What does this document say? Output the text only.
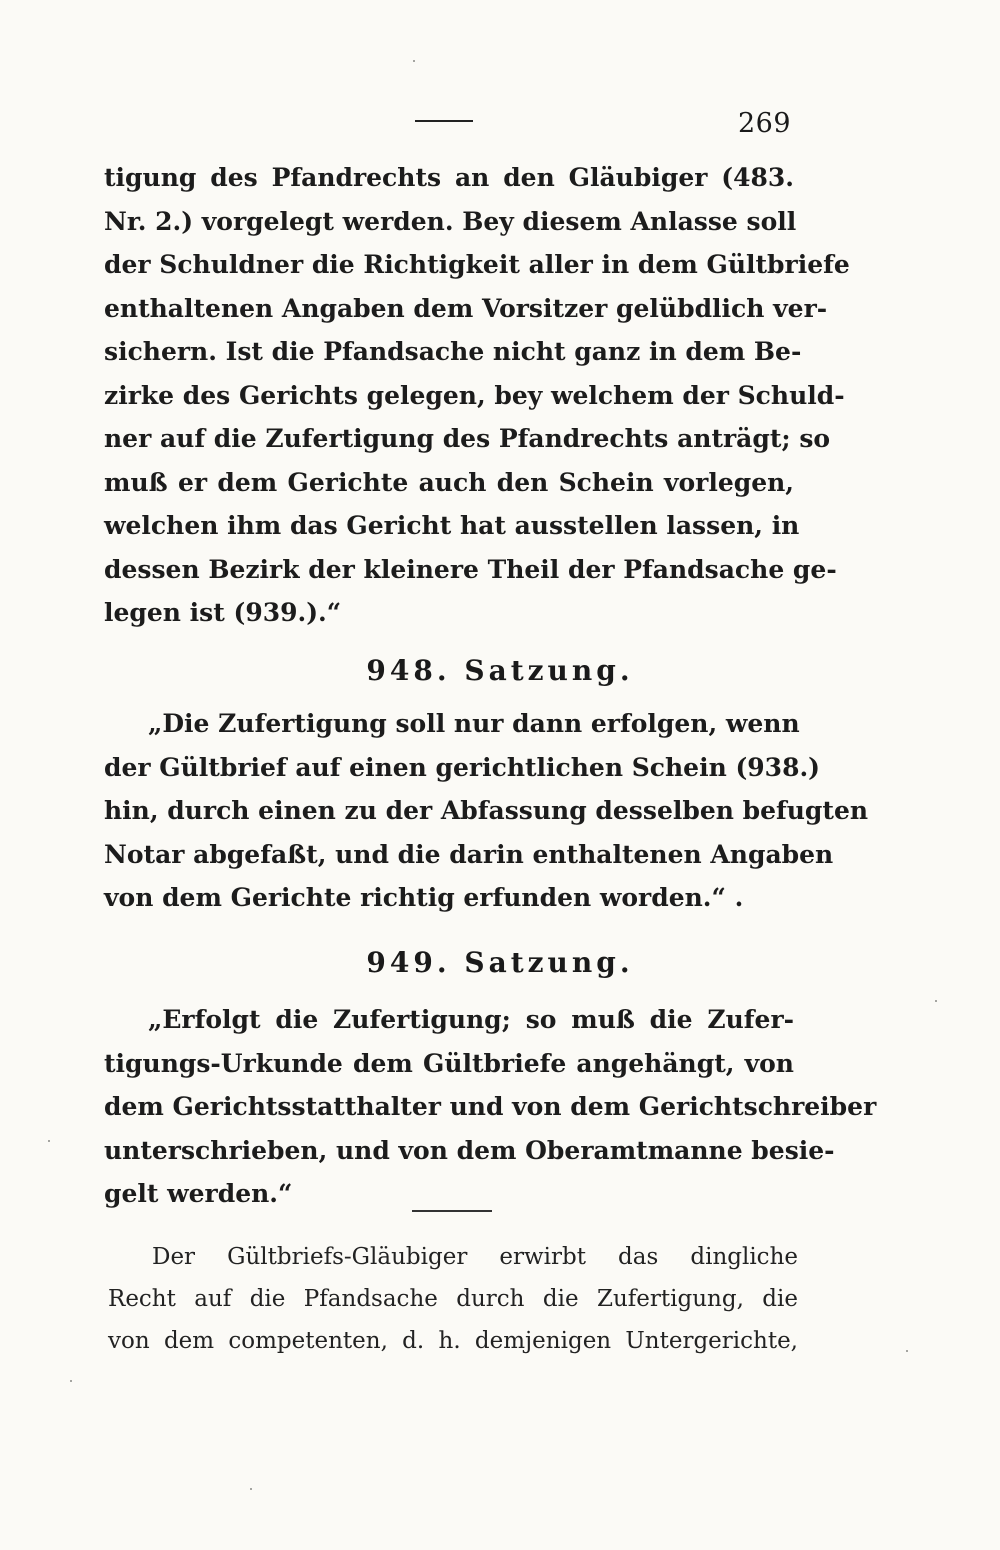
269
tigung des Pfandrechts an den Gläubiger (483.
Nr. 2.) vorgelegt werden. Bey diesem Anlasse soll
der Schuldner die Richtigkeit aller in dem Gültbriefe
enthaltenen Angaben dem Vorsitzer gelübdlich ver-
sichern. Ist die Pfandsache nicht ganz in dem Be-
zirke des Gerichts gelegen, bey welchem der Schuld-
ner auf die Zufertigung des Pfandrechts anträgt; so
muß er dem Gerichte auch den Schein vorlegen,
welchen ihm das Gericht hat ausstellen lassen, in
dessen Bezirk der kleinere Theil der Pfandsache ge-
legen ist (939.).“
948. Satzung.
„Die Zufertigung soll nur dann erfolgen, wenn
der Gültbrief auf einen gerichtlichen Schein (938.)
hin, durch einen zu der Abfassung desselben befugten
Notar abgefaßt, und die darin enthaltenen Angaben
von dem Gerichte richtig erfunden worden.“ .
949. Satzung.
„Erfolgt die Zufertigung; so muß die Zufer-
tigungs-Urkunde dem Gültbriefe angehängt, von
dem Gerichtsstatthalter und von dem Gerichtschreiber
unterschrieben, und von dem Oberamtmanne besie-
gelt werden.“
Der Gültbriefs-Gläubiger erwirbt das dingliche
Recht auf die Pfandsache durch die Zufertigung, die
von dem competenten, d. h. demjenigen Untergerichte,
